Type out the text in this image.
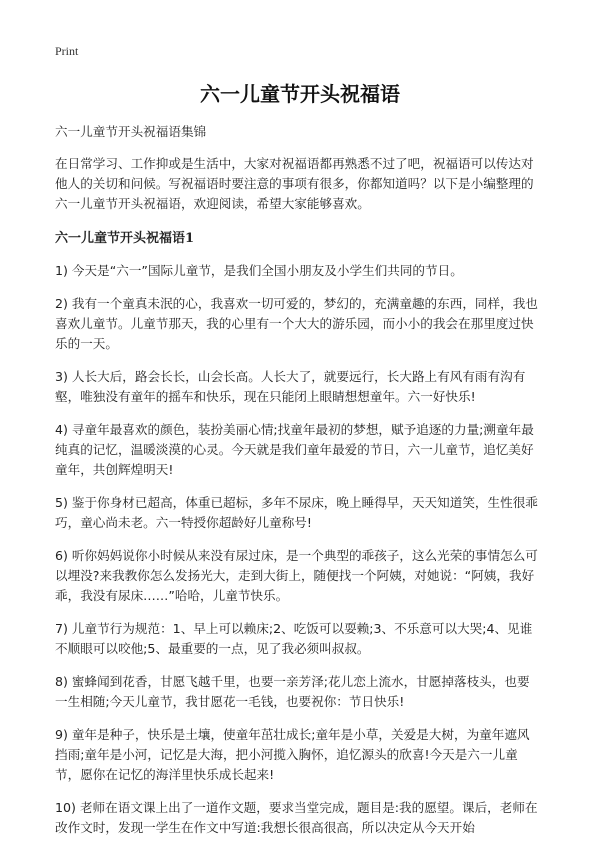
Print
六一儿童节开头祝福语

六一儿童节开头祝福语集锦

在日常学习、工作抑或是生活中，大家对祝福语都再熟悉不过了吧，祝福语可以传达对他人的关切和问候。写祝福语时要注意的事项有很多，你都知道吗？以下是小编整理的六一儿童节开头祝福语，欢迎阅读，希望大家能够喜欢。

六一儿童节开头祝福语1

1) 今天是“六一”国际儿童节，是我们全国小朋友及小学生们共同的节日。

2) 我有一个童真未泯的心，我喜欢一切可爱的，梦幻的，充满童趣的东西，同样，我也喜欢儿童节。儿童节那天，我的心里有一个大大的游乐园，而小小的我会在那里度过快乐的一天。

3) 人长大后，路会长长，山会长高。人长大了，就要远行，长大路上有风有雨有沟有壑，唯独没有童年的摇车和快乐，现在只能闭上眼睛想想童年。六一好快乐!

4) 寻童年最喜欢的颜色，装扮美丽心情;找童年最初的梦想，赋予追逐的力量;溯童年最纯真的记忆，温暖淡漠的心灵。今天就是我们童年最爱的节日，六一儿童节，追忆美好童年，共创辉煌明天!

5) 鉴于你身材已超高，体重已超标，多年不尿床，晚上睡得早，天天知道笑，生性很乖巧，童心尚未老。六一特授你超龄好儿童称号!

6) 听你妈妈说你小时候从来没有尿过床，是一个典型的乖孩子，这么光荣的事情怎么可以埋没?来我教你怎么发扬光大，走到大街上，随便找一个阿姨，对她说：“阿姨，我好乖，我没有尿床……”哈哈，儿童节快乐。

7) 儿童节行为规范：1、早上可以赖床;2、吃饭可以耍赖;3、不乐意可以大哭;4、见谁不顺眼可以咬他;5、最重要的一点，见了我必须叫叔叔。

8) 蜜蜂闻到花香，甘愿飞越千里，也要一亲芳泽;花儿恋上流水，甘愿掉落枝头，也要一生相随;今天儿童节，我甘愿花一毛钱，也要祝你：节日快乐!

9) 童年是种子，快乐是土壤，使童年茁壮成长;童年是小草，关爱是大树，为童年遮风挡雨;童年是小河，记忆是大海，把小河揽入胸怀，追忆源头的欣喜!今天是六一儿童节，愿你在记忆的海洋里快乐成长起来!

10) 老师在语文课上出了一道作文题，要求当堂完成，题目是:我的愿望。课后，老师在改作文时，发现一学生在作文中写道:我想长很高很高，所以决定从今天开始
